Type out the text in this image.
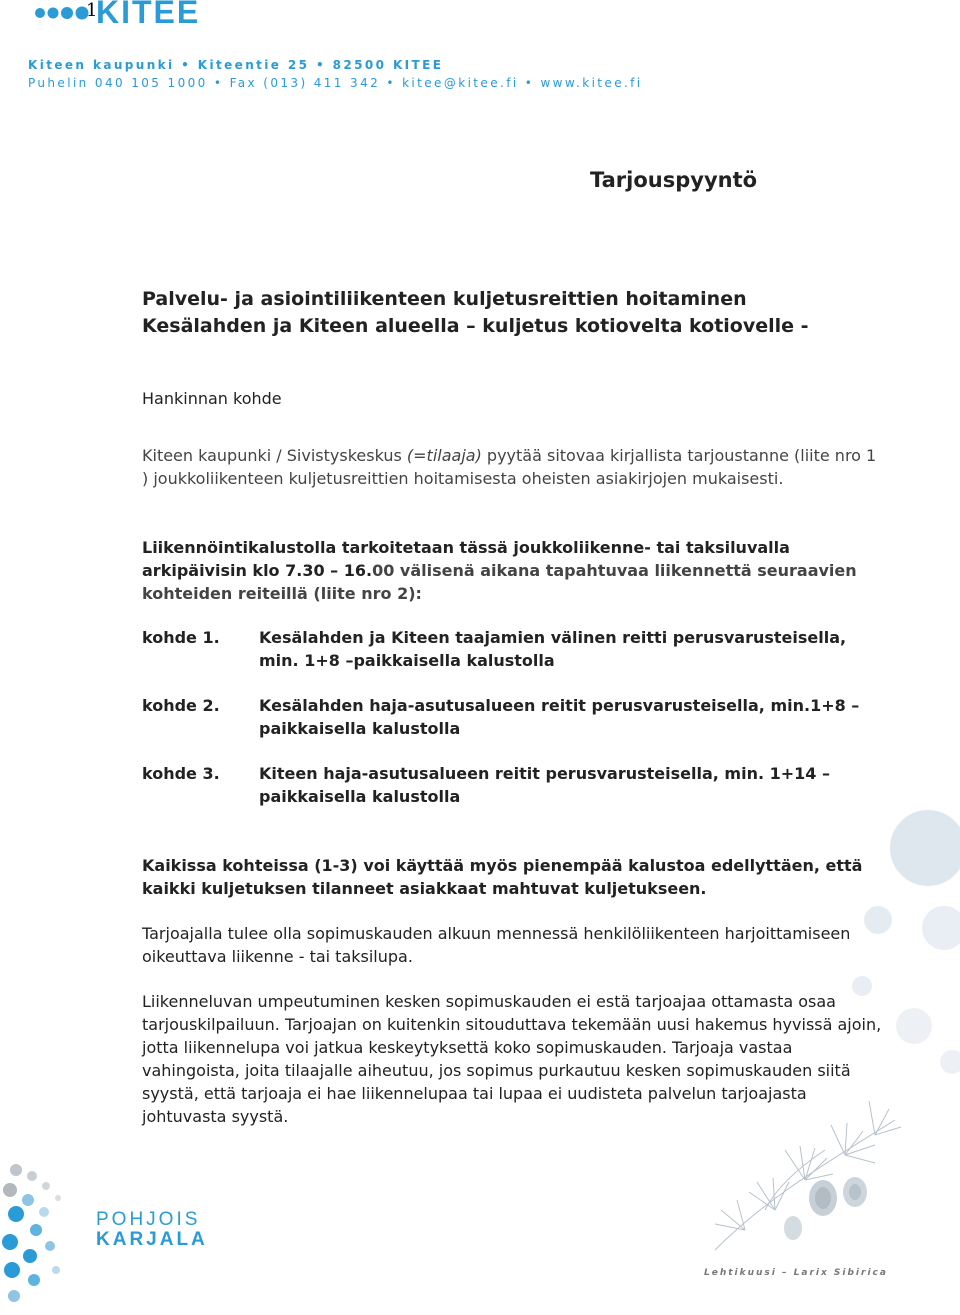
1
KITEE
Kiteen kaupunki • Kiteentie 25 • 82500 KITEE
Puhelin 040 105 1000 • Fax (013) 411 342 • kitee@kitee.fi • www.kitee.fi
Tarjouspyyntö
Palvelu- ja asiointiliikenteen kuljetusreittien hoitaminen
Kesälahden ja Kiteen alueella – kuljetus kotiovelta kotiovelle -
Hankinnan kohde
Kiteen kaupunki / Sivistyskeskus (=tilaaja) pyytää sitovaa kirjallista tarjoustanne (liite nro 1 ) joukkoliikenteen kuljetusreittien hoitamisesta oheisten asiakirjojen mukaisesti.
Liikennöintikalustolla tarkoitetaan tässä joukkoliikenne- tai taksiluvalla arkipäivisin klo 7.30 – 16.00 välisenä aikana tapahtuvaa liikennettä seuraavien kohteiden reiteillä (liite nro 2):
kohde 1. Kesälahden ja Kiteen taajamien välinen reitti perusvarusteisella, min. 1+8 –paikkaisella kalustolla
kohde 2. Kesälahden haja-asutusalueen reitit perusvarusteisella, min.1+8 –paikkaisella kalustolla
kohde 3. Kiteen haja-asutusalueen reitit perusvarusteisella, min. 1+14 –paikkaisella kalustolla
Kaikissa kohteissa (1-3) voi käyttää myös pienempää kalustoa edellyttäen, että kaikki kuljetuksen tilanneet asiakkaat mahtuvat kuljetukseen.
Tarjoajalla tulee olla sopimuskauden alkuun mennessä henkilöliikenteen harjoittamiseen oikeuttava liikenne - tai taksilupa.
Liikenneluvan umpeutuminen kesken sopimuskauden ei estä tarjoajaa ottamasta osaa tarjouskilpailuun. Tarjoajan on kuitenkin sitouduttava tekemään uusi hakemus hyvissä ajoin, jotta liikennelupa voi jatkua keskeytyksettä koko sopimuskauden. Tarjoaja vastaa vahingoista, joita tilaajalle aiheutuu, jos sopimus purkautuu kesken sopimuskauden siitä syystä, että tarjoaja ei hae liikennelupaa tai lupaa ei uudisteta palvelun tarjoajasta johtuvasta syystä.
POHJOIS
KARJALA
Lehtikuusi – Larix Sibirica
